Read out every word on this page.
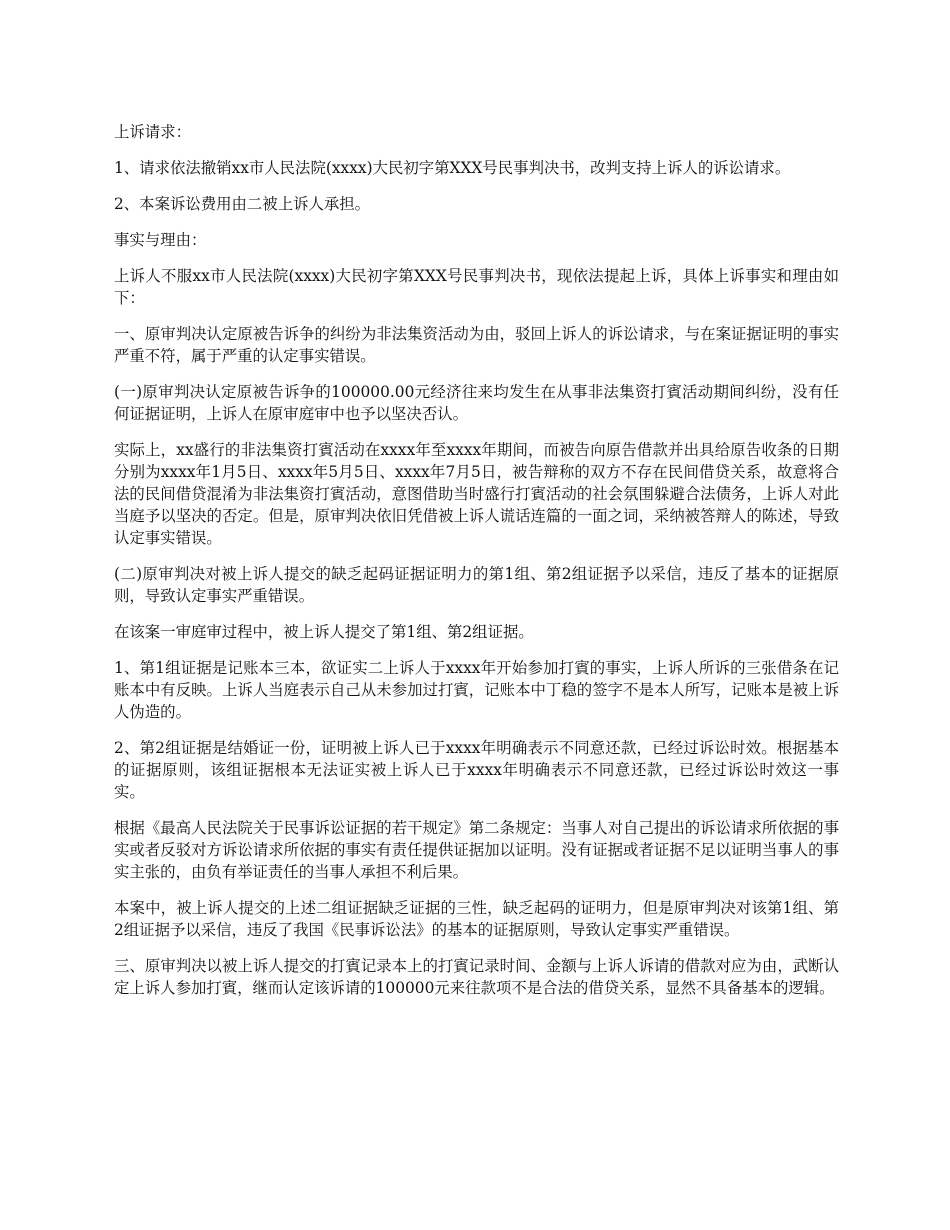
上诉请求：

1、请求依法撤销xx市人民法院(xxxx)大民初字第XXX号民事判决书，改判支持上诉人的诉讼请求。

2、本案诉讼费用由二被上诉人承担。

事实与理由：

上诉人不服xx市人民法院(xxxx)大民初字第XXX号民事判决书，现依法提起上诉，具体上诉事实和理由如下：

一、原审判决认定原被告诉争的纠纷为非法集资活动为由，驳回上诉人的诉讼请求，与在案证据证明的事实严重不符，属于严重的认定事实错误。

(一)原审判决认定原被告诉争的100000.00元经济往来均发生在从事非法集资打賓活动期间纠纷，没有任何证据证明，上诉人在原审庭审中也予以坚决否认。

实际上，xx盛行的非法集资打賓活动在xxxx年至xxxx年期间，而被告向原告借款并出具给原告收条的日期分别为xxxx年1月5日、xxxx年5月5日、xxxx年7月5日，被告辩称的双方不存在民间借贷关系，故意将合法的民间借贷混淆为非法集资打賓活动，意图借助当时盛行打賓活动的社会氛围躲避合法债务，上诉人对此当庭予以坚决的否定。但是，原审判决依旧凭借被上诉人谎话连篇的一面之词，采纳被答辩人的陈述，导致认定事实错误。

(二)原审判决对被上诉人提交的缺乏起码证据证明力的第1组、第2组证据予以采信，违反了基本的证据原则，导致认定事实严重错误。

在该案一审庭审过程中，被上诉人提交了第1组、第2组证据。

1、第1组证据是记账本三本，欲证实二上诉人于xxxx年开始参加打賓的事实，上诉人所诉的三张借条在记账本中有反映。上诉人当庭表示自己从未参加过打賓，记账本中丁稳的签字不是本人所写，记账本是被上诉人伪造的。

2、第2组证据是结婚证一份，证明被上诉人已于xxxx年明确表示不同意还款，已经过诉讼时效。根据基本的证据原则，该组证据根本无法证实被上诉人已于xxxx年明确表示不同意还款，已经过诉讼时效这一事实。

根据《最高人民法院关于民事诉讼证据的若干规定》第二条规定：当事人对自己提出的诉讼请求所依据的事实或者反驳对方诉讼请求所依据的事实有责任提供证据加以证明。没有证据或者证据不足以证明当事人的事实主张的，由负有举证责任的当事人承担不利后果。

本案中，被上诉人提交的上述二组证据缺乏证据的三性，缺乏起码的证明力，但是原审判决对该第1组、第2组证据予以采信，违反了我国《民事诉讼法》的基本的证据原则，导致认定事实严重错误。

三、原审判决以被上诉人提交的打賓记录本上的打賓记录时间、金额与上诉人诉请的借款对应为由，武断认定上诉人参加打賓，继而认定该诉请的100000元来往款项不是合法的借贷关系，显然不具备基本的逻辑。
